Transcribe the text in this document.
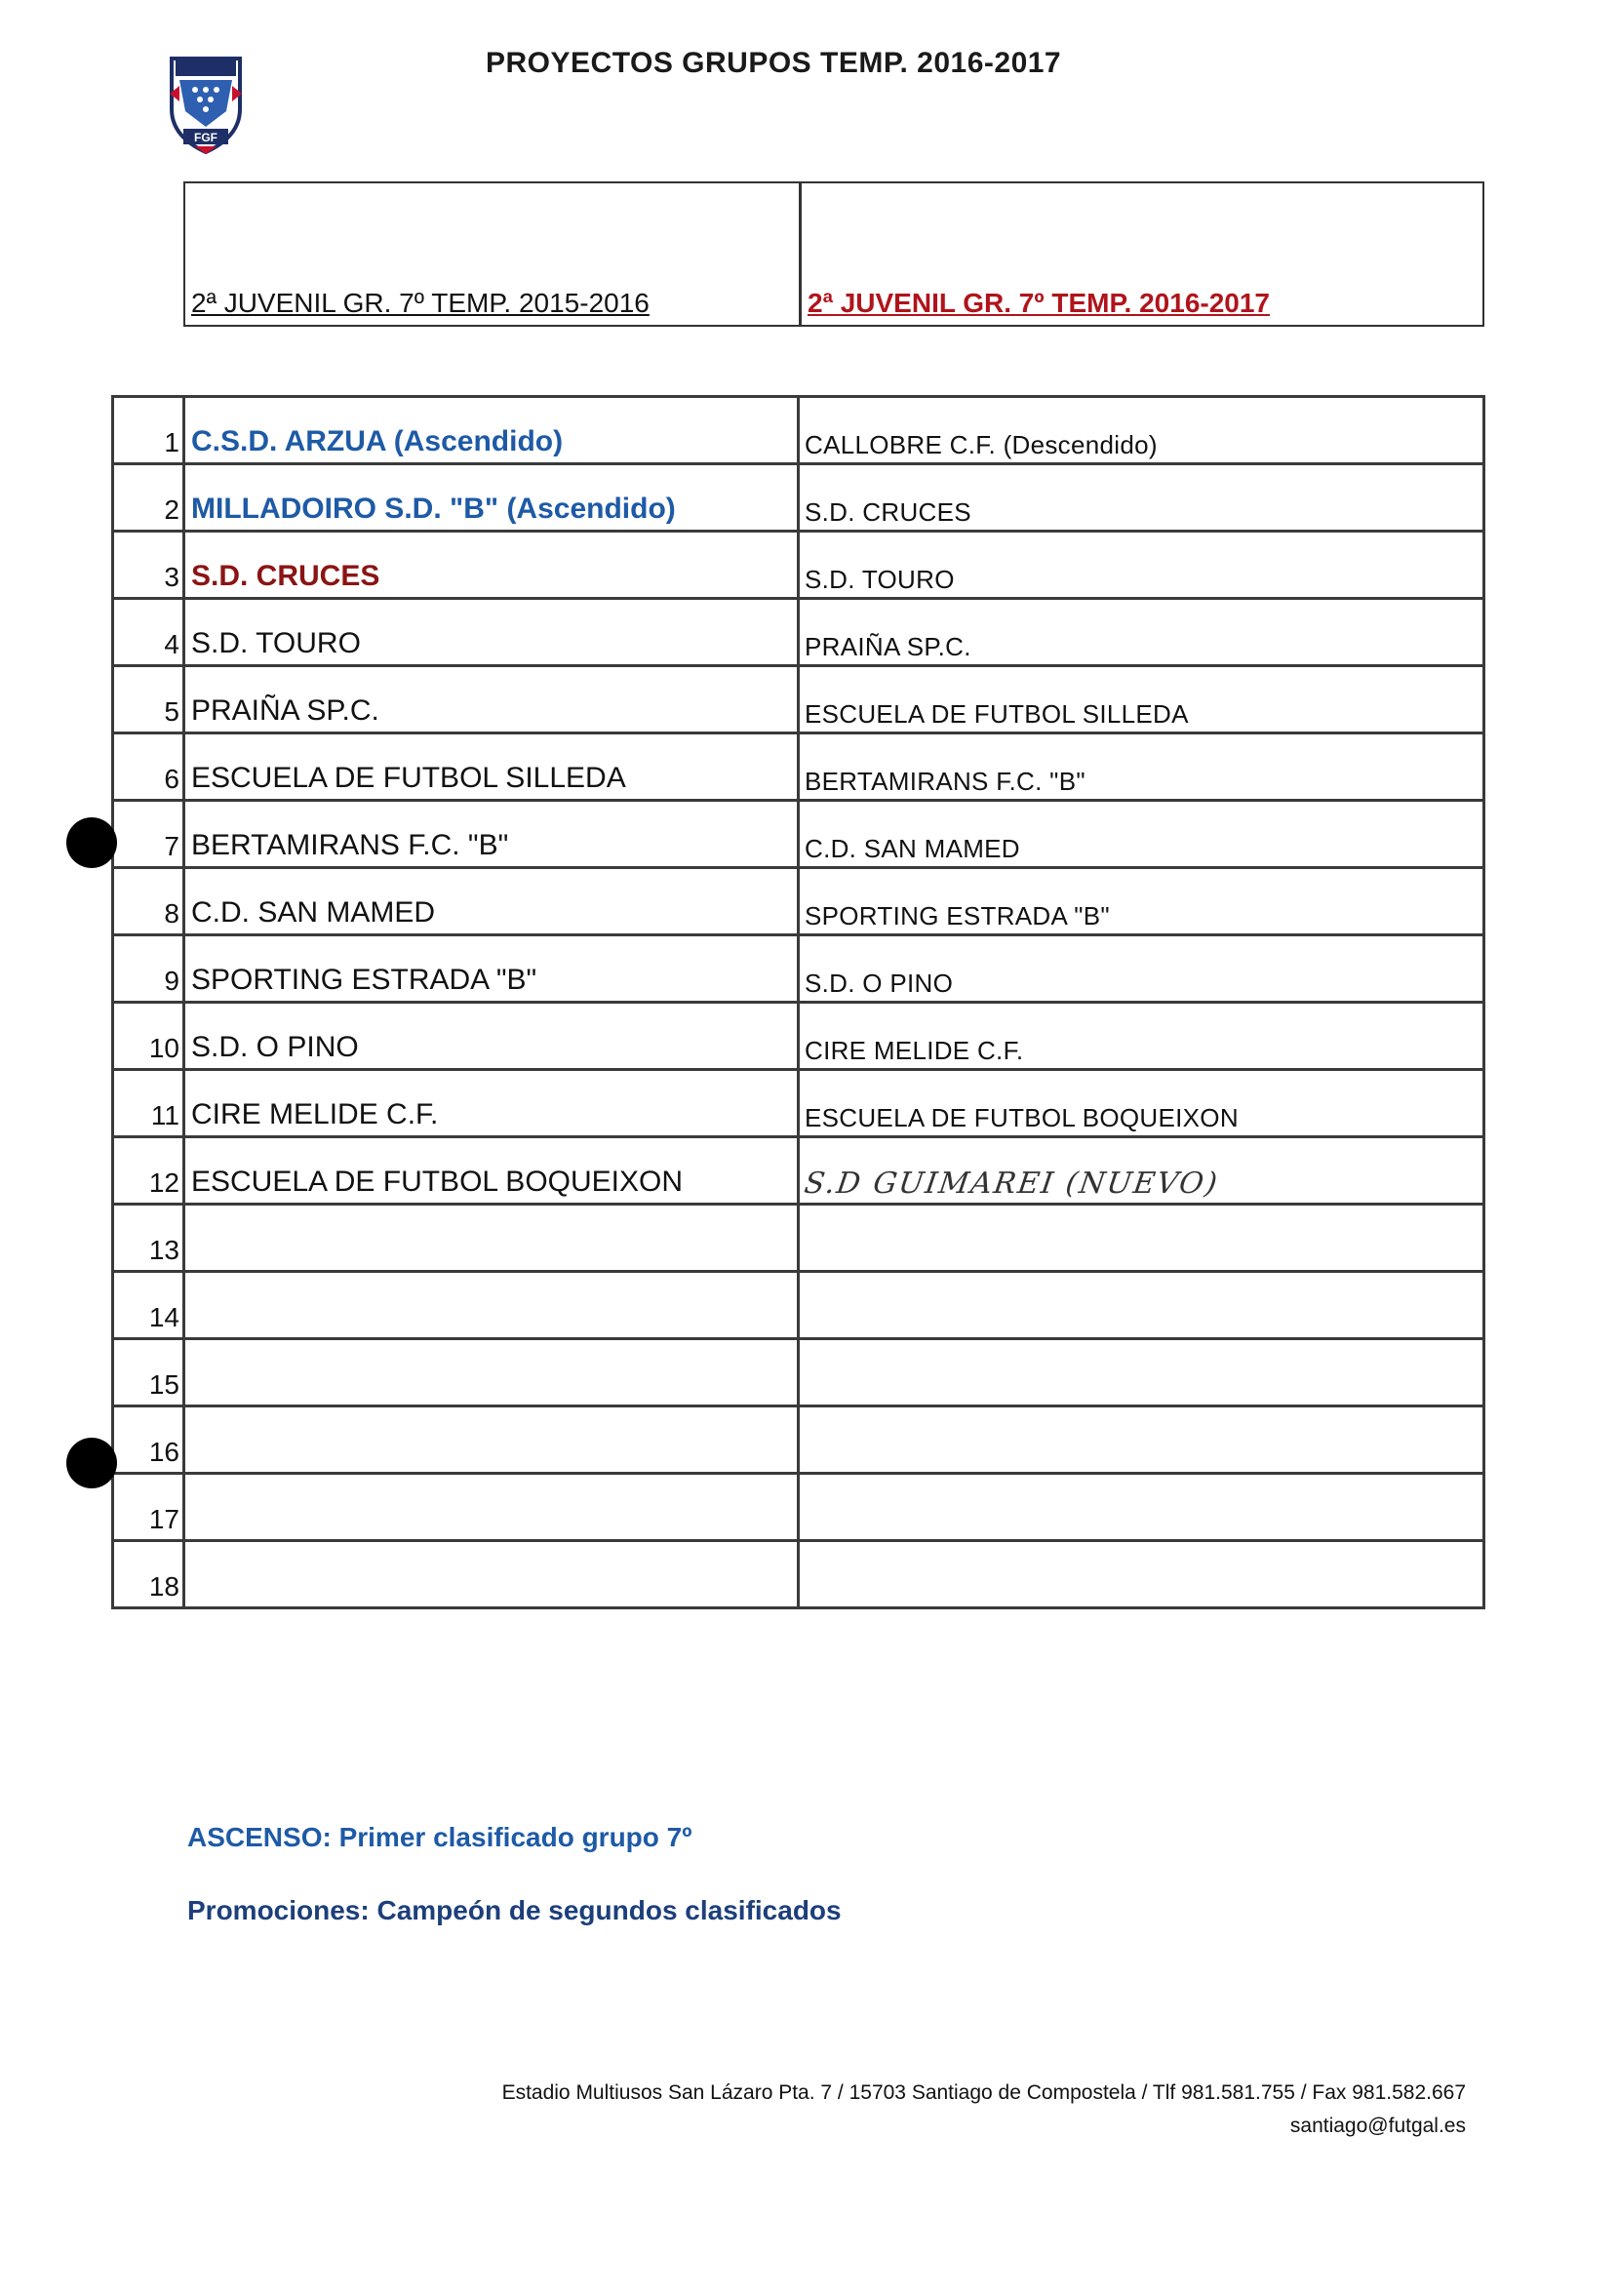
FGF
PROYECTOS GRUPOS TEMP. 2016-2017
2ª JUVENIL GR. 7º TEMP. 2015-2016	2ª JUVENIL GR. 7º TEMP. 2016-2017
1	C.S.D. ARZUA (Ascendido)	CALLOBRE C.F. (Descendido)
2	MILLADOIRO S.D. "B" (Ascendido)	S.D. CRUCES
3	S.D. CRUCES	S.D. TOURO
4	S.D. TOURO	PRAIÑA SP.C.
5	PRAIÑA SP.C.	ESCUELA DE FUTBOL SILLEDA
6	ESCUELA DE FUTBOL SILLEDA	BERTAMIRANS F.C. "B"
7	BERTAMIRANS F.C. "B"	C.D. SAN MAMED
8	C.D. SAN MAMED	SPORTING ESTRADA "B"
9	SPORTING ESTRADA "B"	S.D. O PINO
10	S.D. O PINO	CIRE MELIDE C.F.
11	CIRE MELIDE C.F.	ESCUELA DE FUTBOL BOQUEIXON
12	ESCUELA DE FUTBOL BOQUEIXON	S.D GUIMAREI (NUEVO)
13		
14		
15		
16		
17		
18		
ASCENSO: Primer clasificado grupo 7º
Promociones: Campeón de segundos clasificados
Estadio Multiusos San Lázaro Pta. 7 / 15703 Santiago de Compostela / Tlf 981.581.755 / Fax 981.582.667
santiago@futgal.es
